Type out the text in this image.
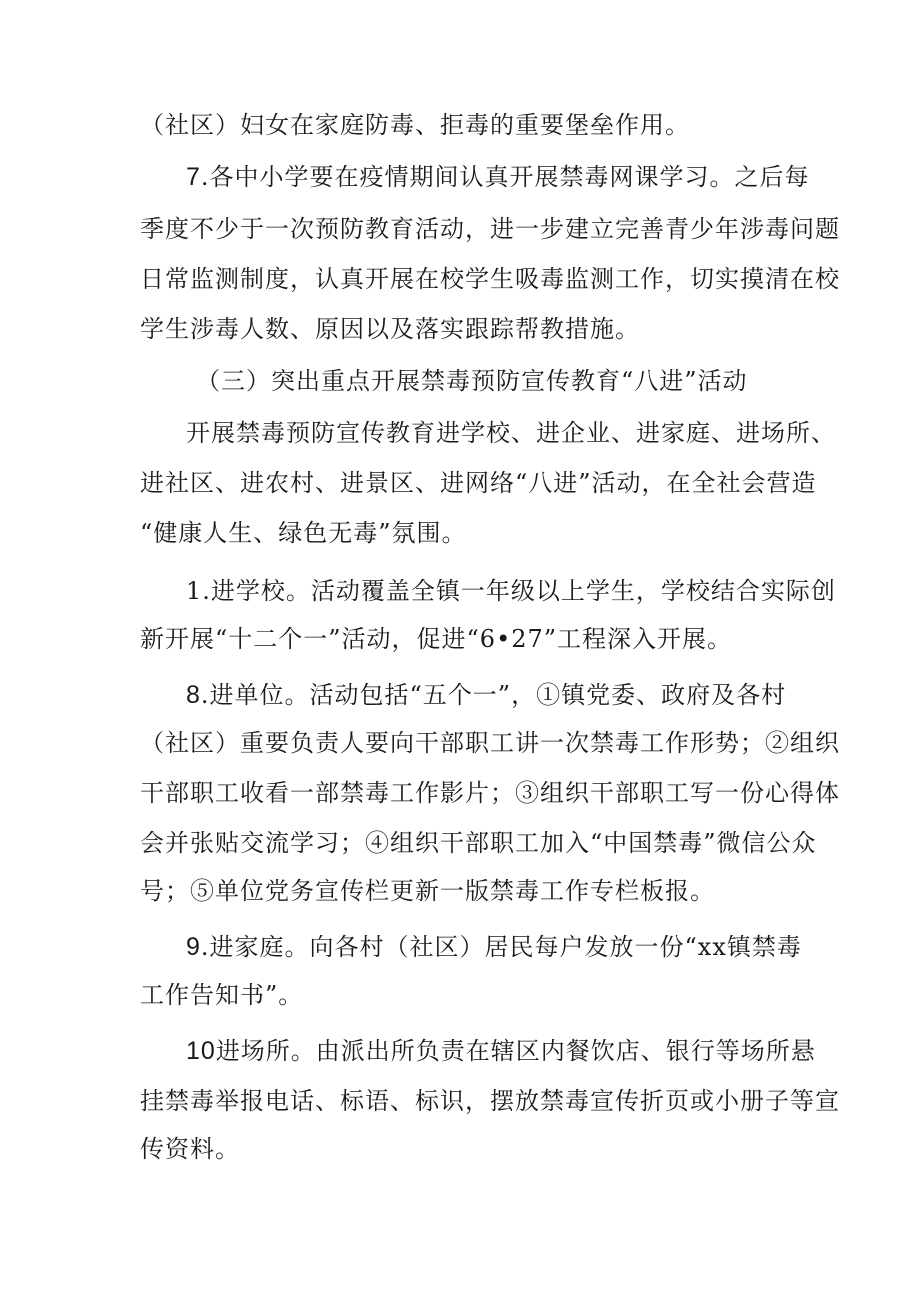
（社区）妇女在家庭防毒、拒毒的重要堡垒作用。
7.各中小学要在疫情期间认真开展禁毒网课学习。之后每
季度不少于一次预防教育活动，进一步建立完善青少年涉毒问题
日常监测制度，认真开展在校学生吸毒监测工作，切实摸清在校
学生涉毒人数、原因以及落实跟踪帮教措施。
（三）突出重点开展禁毒预防宣传教育“八进”活动
开展禁毒预防宣传教育进学校、进企业、进家庭、进场所、
进社区、进农村、进景区、进网络“八进”活动，在全社会营造
“健康人生、绿色无毒”氛围。
1.进学校。活动覆盖全镇一年级以上学生，学校结合实际创
新开展“十二个一”活动，促进“6•27”工程深入开展。
8.进单位。活动包括“五个一”，①镇党委、政府及各村
（社区）重要负责人要向干部职工讲一次禁毒工作形势；②组织
干部职工收看一部禁毒工作影片；③组织干部职工写一份心得体
会并张贴交流学习；④组织干部职工加入“中国禁毒”微信公众
号；⑤单位党务宣传栏更新一版禁毒工作专栏板报。
9.进家庭。向各村（社区）居民每户发放一份“xx镇禁毒
工作告知书”。
10进场所。由派出所负责在辖区内餐饮店、银行等场所悬
挂禁毒举报电话、标语、标识，摆放禁毒宣传折页或小册子等宣
传资料。
